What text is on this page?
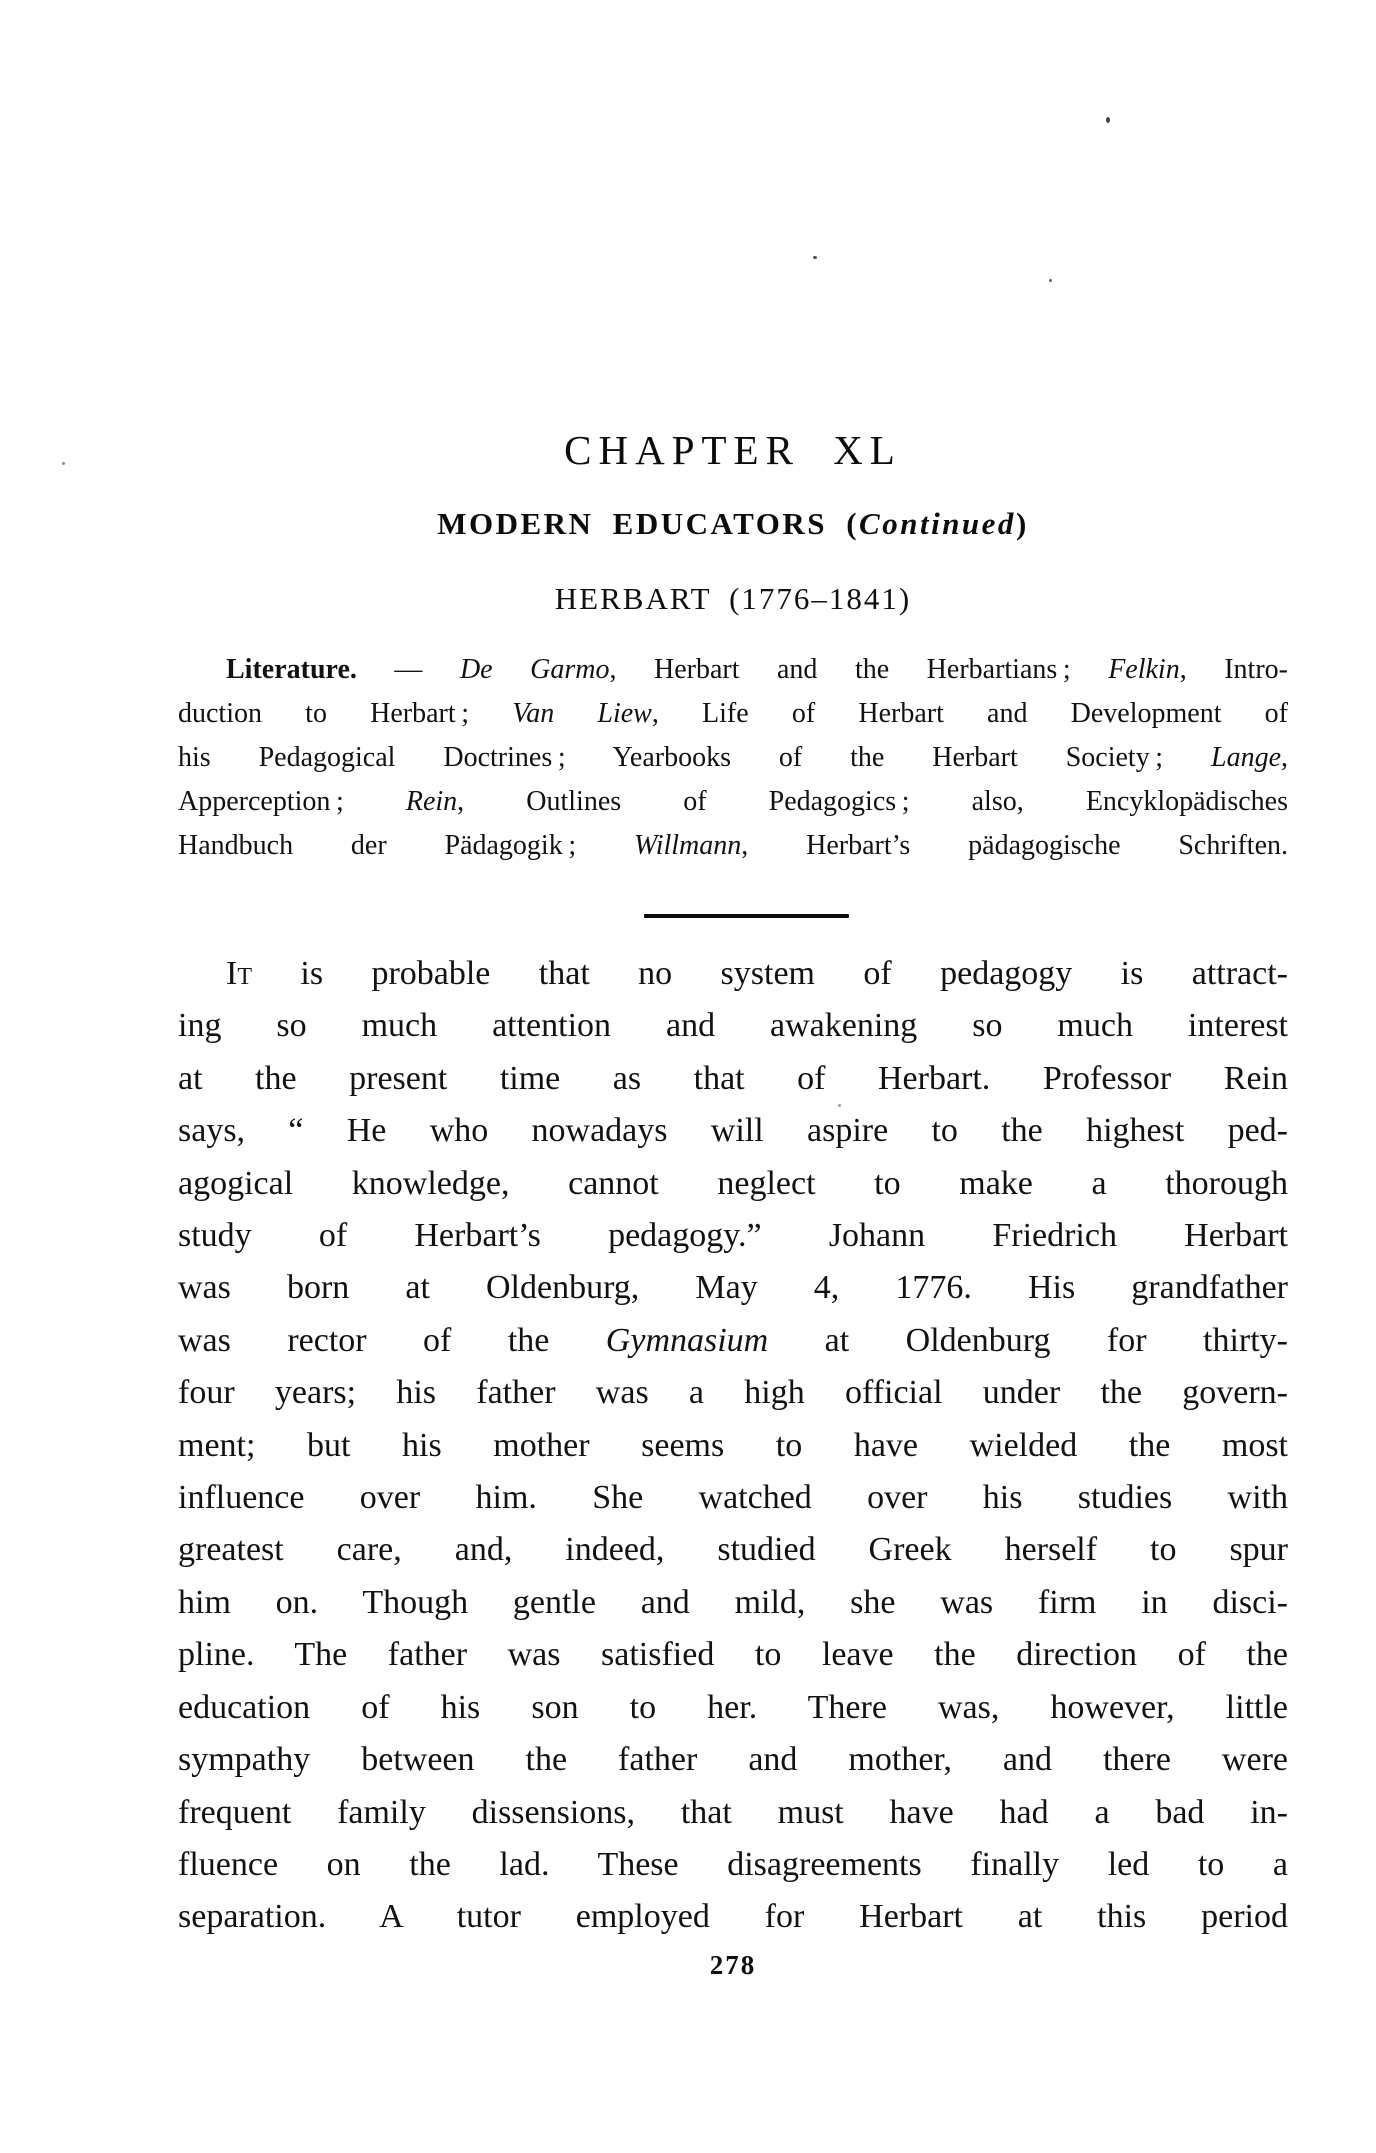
CHAPTER XL
MODERN EDUCATORS (Continued)
HERBART (1776–1841)
Literature. — De Garmo, Herbart and the Herbartians ; Felkin, Intro-
duction to Herbart ; Van Liew, Life of Herbart and Development of
his Pedagogical Doctrines ; Yearbooks of the Herbart Society ; Lange,
Apperception ; Rein, Outlines of Pedagogics ; also, Encyklopädisches
Handbuch der Pädagogik ; Willmann, Herbart’s pädagogische Schriften.
It is probable that no system of pedagogy is attract-
ing so much attention and awakening so much interest
at the present time as that of Herbart. Professor Rein
says, “ He who nowadays will aspire to the highest ped-
agogical knowledge, cannot neglect to make a thorough
study of Herbart’s pedagogy.” Johann Friedrich Herbart
was born at Oldenburg, May 4, 1776. His grandfather
was rector of the Gymnasium at Oldenburg for thirty-
four years; his father was a high official under the govern-
ment; but his mother seems to have wielded the most
influence over him. She watched over his studies with
greatest care, and, indeed, studied Greek herself to spur
him on. Though gentle and mild, she was firm in disci-
pline. The father was satisfied to leave the direction of the
education of his son to her. There was, however, little
sympathy between the father and mother, and there were
frequent family dissensions, that must have had a bad in-
fluence on the lad. These disagreements finally led to a
separation. A tutor employed for Herbart at this period
278
